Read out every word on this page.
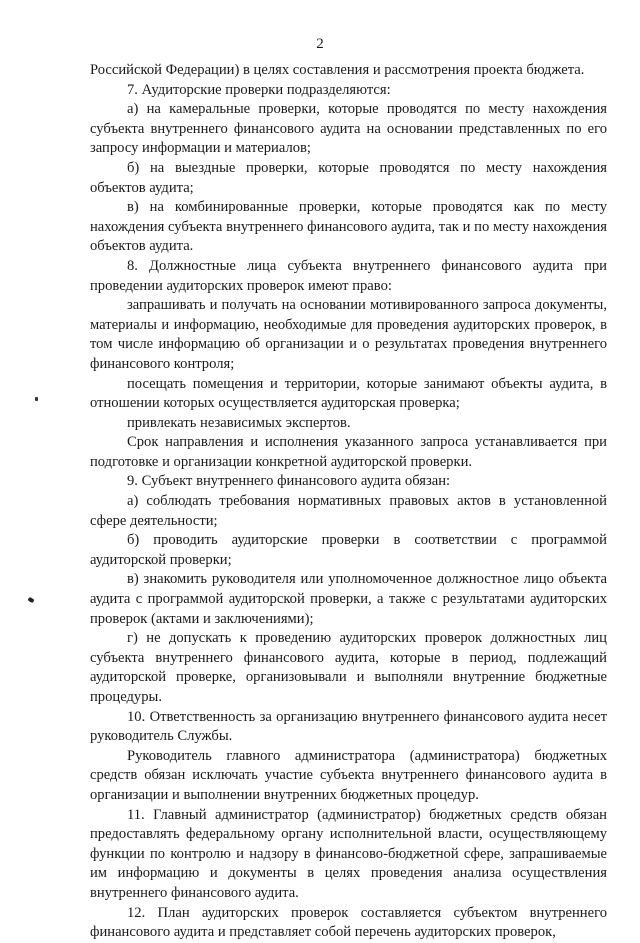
2

Российской Федерации) в целях составления и рассмотрения проекта бюджета.

7. Аудиторские проверки подразделяются:

а) на камеральные проверки, которые проводятся по месту нахождения субъекта внутреннего финансового аудита на основании представленных по его запросу информации и материалов;

б) на выездные проверки, которые проводятся по месту нахождения объектов аудита;

в) на комбинированные проверки, которые проводятся как по месту нахождения субъекта внутреннего финансового аудита, так и по месту нахождения объектов аудита.

8. Должностные лица субъекта внутреннего финансового аудита при проведении аудиторских проверок имеют право:

запрашивать и получать на основании мотивированного запроса документы, материалы и информацию, необходимые для проведения аудиторских проверок, в том числе информацию об организации и о результатах проведения внутреннего финансового контроля;

посещать помещения и территории, которые занимают объекты аудита, в отношении которых осуществляется аудиторская проверка;

привлекать независимых экспертов.

Срок направления и исполнения указанного запроса устанавливается при подготовке и организации конкретной аудиторской проверки.

9. Субъект внутреннего финансового аудита обязан:

а) соблюдать требования нормативных правовых актов в установленной сфере деятельности;

б) проводить аудиторские проверки в соответствии с программой аудиторской проверки;

в) знакомить руководителя или уполномоченное должностное лицо объекта аудита с программой аудиторской проверки, а также с результатами аудиторских проверок (актами и заключениями);

г) не допускать к проведению аудиторских проверок должностных лиц субъекта внутреннего финансового аудита, которые в период, подлежащий аудиторской проверке, организовывали и выполняли внутренние бюджетные процедуры.

10. Ответственность за организацию внутреннего финансового аудита несет руководитель Службы.

Руководитель главного администратора (администратора) бюджетных средств обязан исключать участие субъекта внутреннего финансового аудита в организации и выполнении внутренних бюджетных процедур.

11. Главный администратор (администратор) бюджетных средств обязан предоставлять федеральному органу исполнительной власти, осуществляющему функции по контролю и надзору в финансово-бюджетной сфере, запрашиваемые им информацию и документы в целях проведения анализа осуществления внутреннего финансового аудита.

12. План аудиторских проверок составляется субъектом внутреннего финансового аудита и представляет собой перечень аудиторских проверок,
